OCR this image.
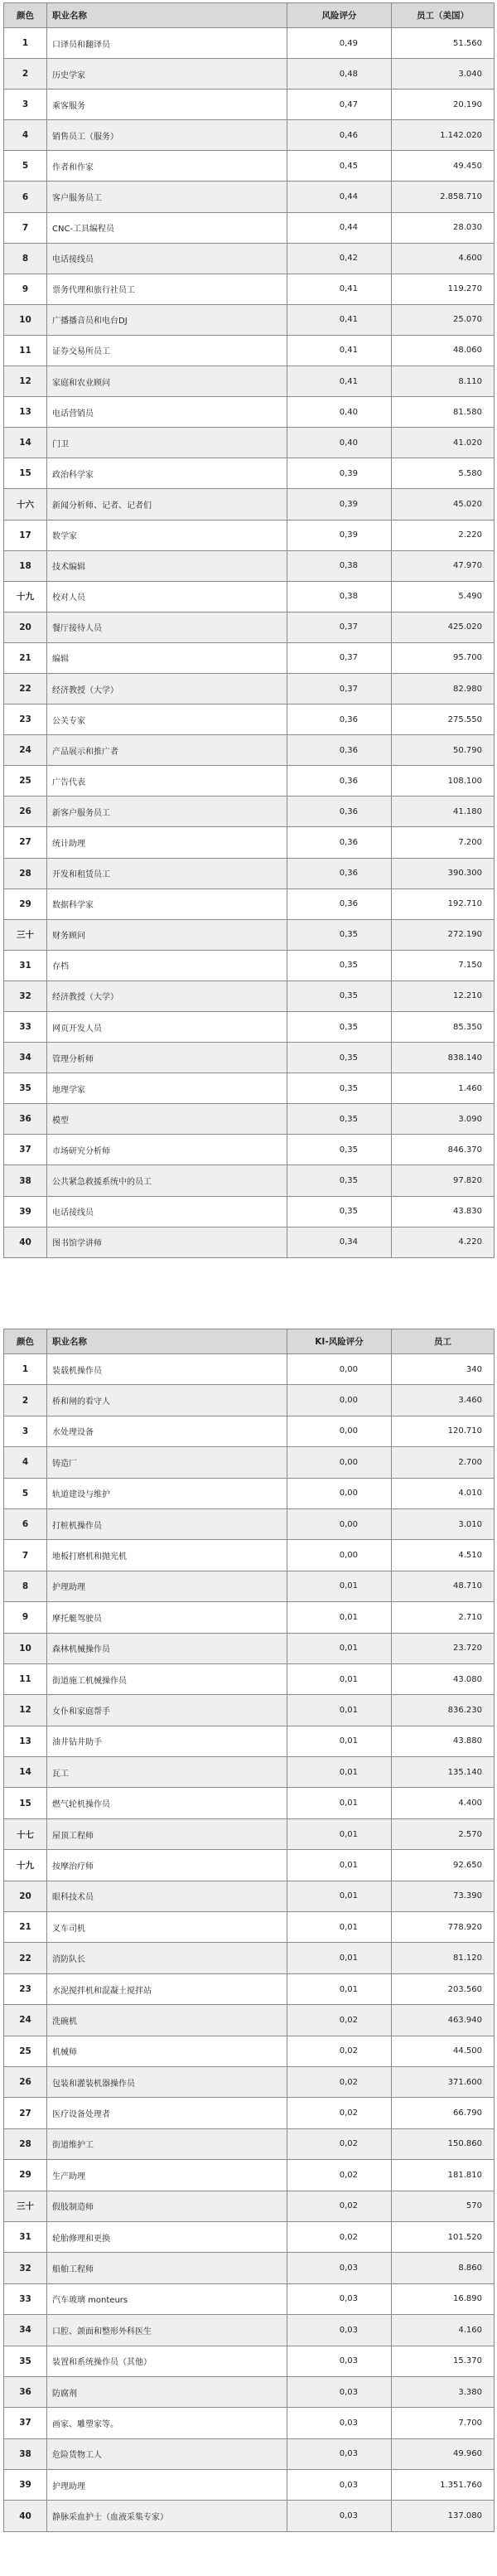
颜色	职业名称	风险评分	员工（美国）
1	口译员和翻译员	0,49	51.560
2	历史学家	0,48	3.040
3	乘客服务	0,47	20.190
4	销售员工（服务）	0,46	1.142.020
5	作者和作家	0,45	49.450
6	客户服务员工	0,44	2.858.710
7	CNC-工具编程员	0,44	28.030
8	电话接线员	0,42	4.600
9	票务代理和旅行社员工	0,41	119.270
10	广播播音员和电台DJ	0,41	25.070
11	证券交易所员工	0,41	48.060
12	家庭和农业顾问	0,41	8.110
13	电话营销员	0,40	81.580
14	门卫	0,40	41.020
15	政治科学家	0,39	5.580
十六	新闻分析师、记者、记者们	0,39	45.020
17	数学家	0,39	2.220
18	技术编辑	0,38	47.970
十九	校对人员	0,38	5.490
20	餐厅接待人员	0,37	425.020
21	编辑	0,37	95.700
22	经济教授（大学）	0,37	82.980
23	公关专家	0,36	275.550
24	产品展示和推广者	0,36	50.790
25	广告代表	0,36	108.100
26	新客户服务员工	0,36	41.180
27	统计助理	0,36	7.200
28	开发和租赁员工	0,36	390.300
29	数据科学家	0,36	192.710
三十	财务顾问	0,35	272.190
31	存档	0,35	7.150
32	经济教授（大学）	0,35	12.210
33	网页开发人员	0,35	85.350
34	管理分析师	0,35	838.140
35	地理学家	0,35	1.460
36	模型	0,35	3.090
37	市场研究分析师	0,35	846.370
38	公共紧急救援系统中的员工	0,35	97.820
39	电话接线员	0,35	43.830
40	图书馆学讲师	0,34	4.220
颜色	职业名称	KI-风险评分	员工
1	装载机操作员	0,00	340
2	桥和闸的看守人	0,00	3.460
3	水处理设备	0,00	120.710
4	铸造厂	0,00	2.700
5	轨道建设与维护	0,00	4.010
6	打桩机操作员	0,00	3.010
7	地板打磨机和抛光机	0,00	4.510
8	护理助理	0,01	48.710
9	摩托艇驾驶员	0,01	2.710
10	森林机械操作员	0,01	23.720
11	街道施工机械操作员	0,01	43.080
12	女仆和家庭帮手	0,01	836.230
13	油井钻井助手	0,01	43.880
14	瓦工	0,01	135.140
15	燃气轮机操作员	0,01	4.400
十七	屋顶工程师	0,01	2.570
十九	按摩治疗师	0,01	92.650
20	眼科技术员	0,01	73.390
21	叉车司机	0,01	778.920
22	消防队长	0,01	81.120
23	水泥搅拌机和混凝土搅拌站	0,01	203.560
24	洗碗机	0,02	463.940
25	机械师	0,02	44.500
26	包装和灌装机器操作员	0,02	371.600
27	医疗设备处理者	0,02	66.790
28	街道维护工	0,02	150.860
29	生产助理	0,02	181.810
三十	假肢制造师	0,02	570
31	轮胎修理和更换	0,02	101.520
32	船舶工程师	0,03	8.860
33	汽车玻璃 monteurs	0,03	16.890
34	口腔、颌面和整形外科医生	0,03	4.160
35	装置和系统操作员（其他）	0,03	15.370
36	防腐剂	0,03	3.380
37	画家、雕塑家等。	0,03	7.700
38	危险货物工人	0,03	49.960
39	护理助理	0,03	1.351.760
40	静脉采血护士（血液采集专家）	0,03	137.080
